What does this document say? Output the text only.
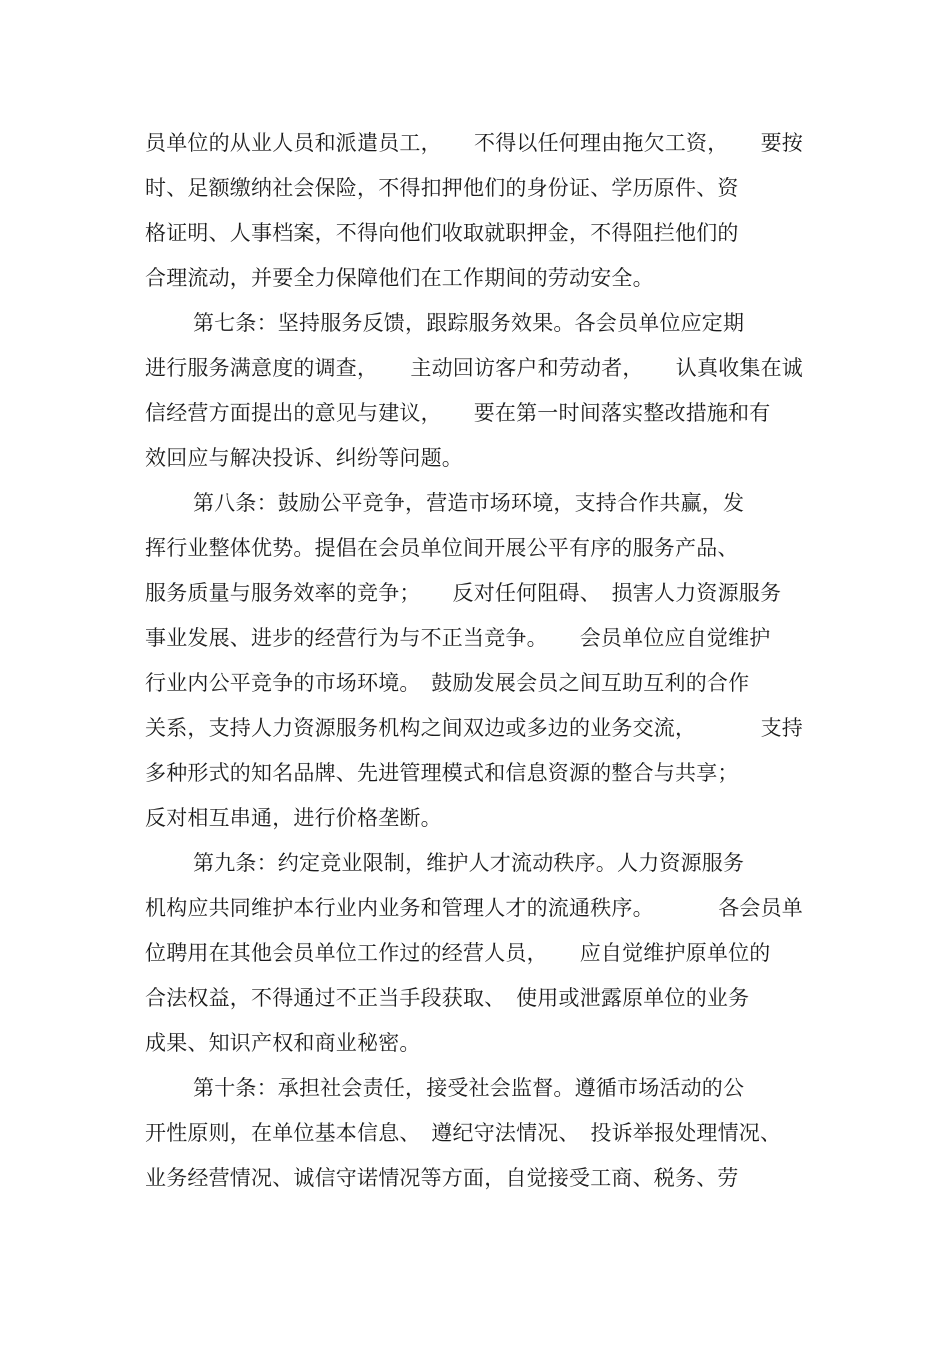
员单位的从业人员和派遣员工， 不得以任何理由拖欠工资， 要按
时、足额缴纳社会保险，不得扣押他们的身份证、学历原件、资
格证明、人事档案，不得向他们收取就职押金，不得阻拦他们的
合理流动，并要全力保障他们在工作期间的劳动安全。
第七条：坚持服务反馈，跟踪服务效果。各会员单位应定期
进行服务满意度的调查， 主动回访客户和劳动者， 认真收集在诚
信经营方面提出的意见与建议，　　要在第一时间落实整改措施和有
效回应与解决投诉、纠纷等问题。
第八条：鼓励公平竞争，营造市场环境，支持合作共赢，发
挥行业整体优势。提倡在会员单位间开展公平有序的服务产品、
服务质量与服务效率的竞争；　　反对任何阻碍、　损害人力资源服务
事业发展、进步的经营行为与不正当竞争。　　会员单位应自觉维护
行业内公平竞争的市场环境。　鼓励发展会员之间互助互利的合作
关系，支持人力资源服务机构之间双边或多边的业务交流，	支持
多种形式的知名品牌、先进管理模式和信息资源的整合与共享；
反对相互串通，进行价格垄断。
第九条：约定竞业限制，维护人才流动秩序。人力资源服务
机构应共同维护本行业内业务和管理人才的流通秩序。	各会员单
位聘用在其他会员单位工作过的经营人员，　　应自觉维护原单位的
合法权益，不得通过不正当手段获取、　使用或泄露原单位的业务
成果、知识产权和商业秘密。
第十条：承担社会责任，接受社会监督。遵循市场活动的公
开性原则，在单位基本信息、　遵纪守法情况、　投诉举报处理情况、
业务经营情况、诚信守诺情况等方面，自觉接受工商、税务、劳
